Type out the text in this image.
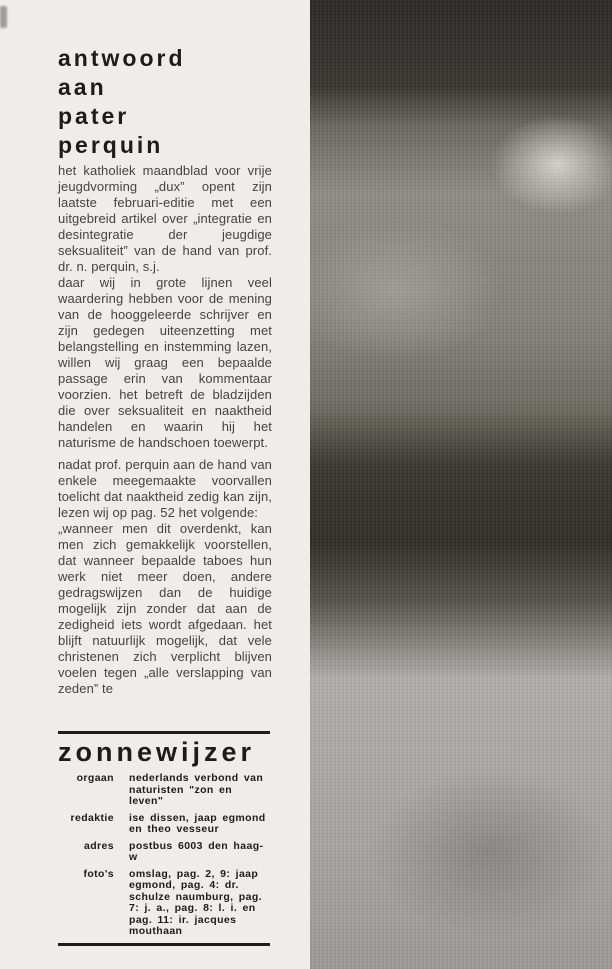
antwoord
aan
pater
perquin

het katholiek maandblad voor vrije jeugdvorming „dux” opent zijn laatste februari-editie met een uitgebreid artikel over „integratie en desintegratie der jeugdige seksualiteit” van de hand van prof. dr. n. perquin, s.j.

daar wij in grote lijnen veel waardering hebben voor de mening van de hooggeleerde schrijver en zijn gedegen uiteenzetting met belangstelling en instemming lazen, willen wij graag een bepaalde passage erin van kommentaar voorzien. het betreft de bladzijden die over seksualiteit en naaktheid handelen en waarin hij het naturisme de handschoen toewerpt.

nadat prof. perquin aan de hand van enkele meegemaakte voorvallen toelicht dat naaktheid zedig kan zijn, lezen wij op pag. 52 het volgende:

„wanneer men dit overdenkt, kan men zich gemakkelijk voorstellen, dat wanneer bepaalde taboes hun werk niet meer doen, andere gedragswijzen dan de huidige mogelijk zijn zonder dat aan de zedigheid iets wordt afgedaan. het blijft natuurlijk mogelijk, dat vele christenen zich verplicht blijven voelen tegen „alle verslapping van zeden” te

zonnewijzer
orgaan	nederlands verbond van naturisten "zon en leven"
redaktie	ise dissen, jaap egmond en theo vesseur
adres	postbus 6003 den haag-w
foto's	omslag, pag. 2, 9: jaap egmond, pag. 4: dr. schulze naumburg, pag. 7: j. a., pag. 8: l. i. en pag. 11: ir. jacques mouthaan
